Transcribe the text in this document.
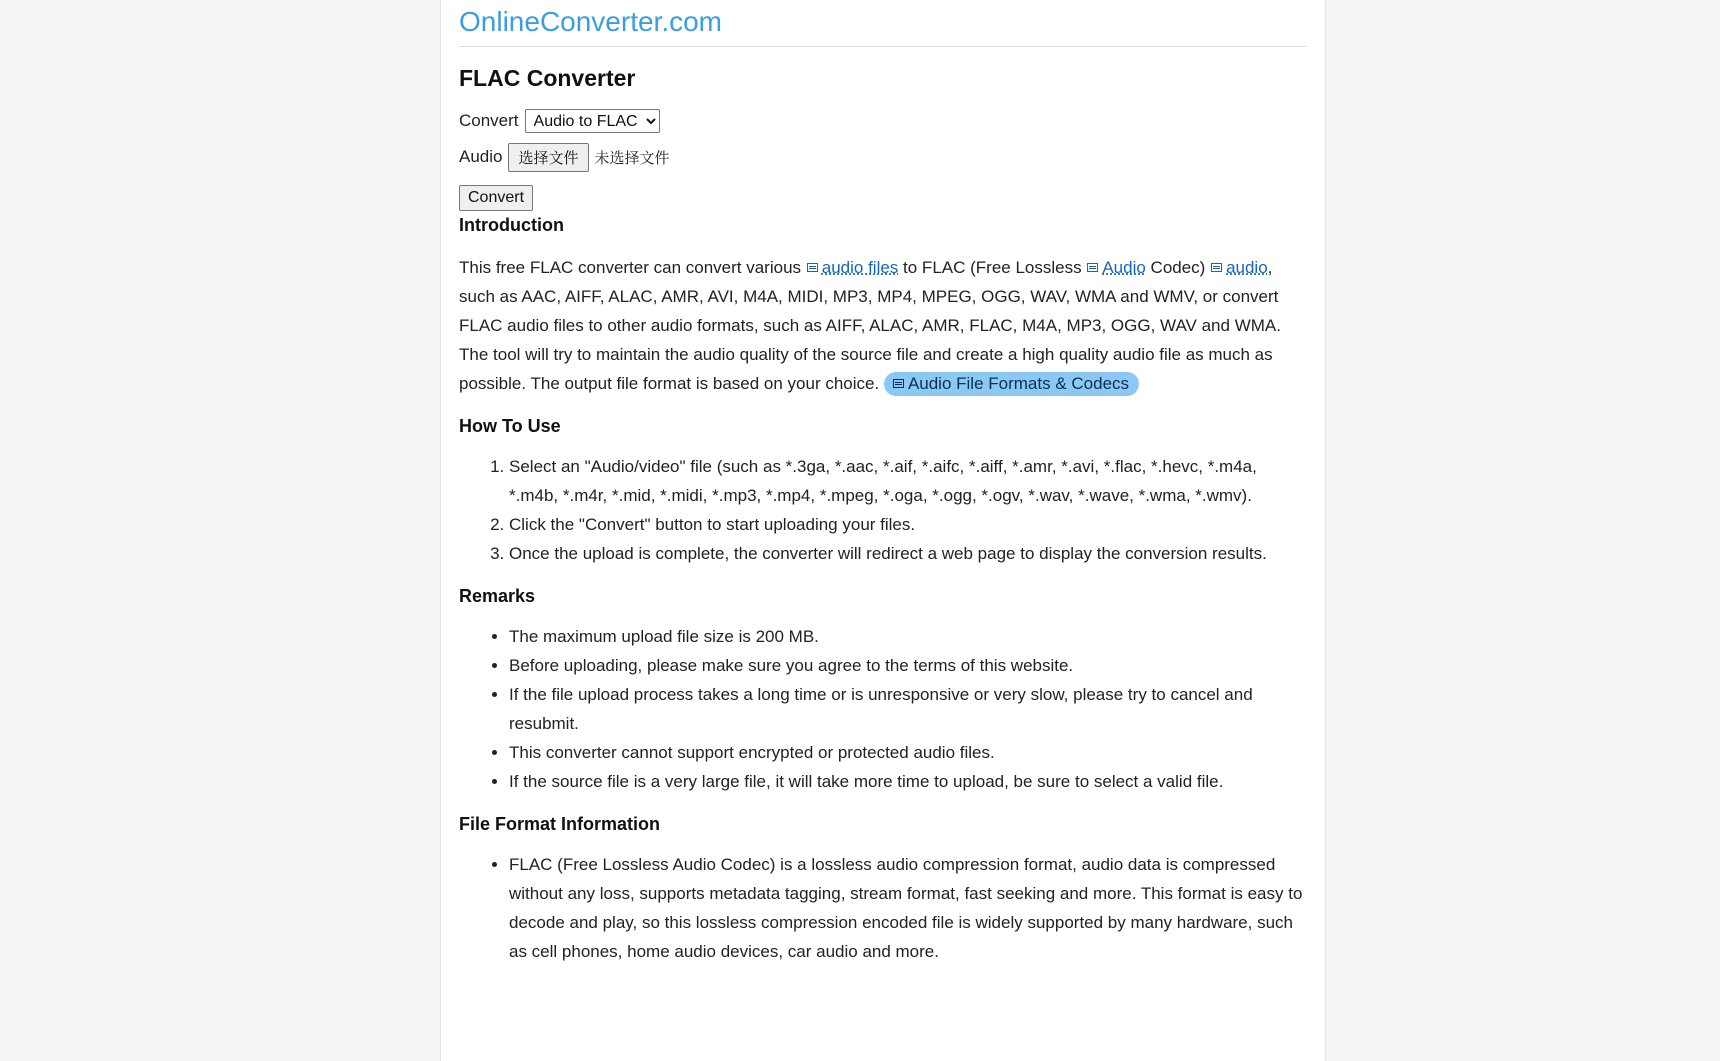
OnlineConverter.com
FLAC Converter
Convert
Audio to FLAC
Audio	选择文件	未选择文件
Convert
Introduction

This free FLAC converter can convert various audio files to FLAC (Free Lossless Audio Codec) audio, such as AAC, AIFF, ALAC, AMR, AVI, M4A, MIDI, MP3, MP4, MPEG, OGG, WAV, WMA and WMV, or convert FLAC audio files to other audio formats, such as AIFF, ALAC, AMR, FLAC, M4A, MP3, OGG, WAV and WMA. The tool will try to maintain the audio quality of the source file and create a high quality audio file as much as possible. The output file format is based on your choice. Audio File Formats & Codecs

How To Use
1. Select an "Audio/video" file (such as *.3ga, *.aac, *.aif, *.aifc, *.aiff, *.amr, *.avi, *.flac, *.hevc, *.m4a, *.m4b, *.m4r, *.mid, *.midi, *.mp3, *.mp4, *.mpeg, *.oga, *.ogg, *.ogv, *.wav, *.wave, *.wma, *.wmv).
2. Click the "Convert" button to start uploading your files.
3. Once the upload is complete, the converter will redirect a web page to display the conversion results.
Remarks
• The maximum upload file size is 200 MB.
• Before uploading, please make sure you agree to the terms of this website.
• If the file upload process takes a long time or is unresponsive or very slow, please try to cancel and resubmit.
• This converter cannot support encrypted or protected audio files.
• If the source file is a very large file, it will take more time to upload, be sure to select a valid file.
File Format Information
• FLAC (Free Lossless Audio Codec) is a lossless audio compression format, audio data is compressed without any loss, supports metadata tagging, stream format, fast seeking and more. This format is easy to decode and play, so this lossless compression encoded file is widely supported by many hardware, such as cell phones, home audio devices, car audio and more.
